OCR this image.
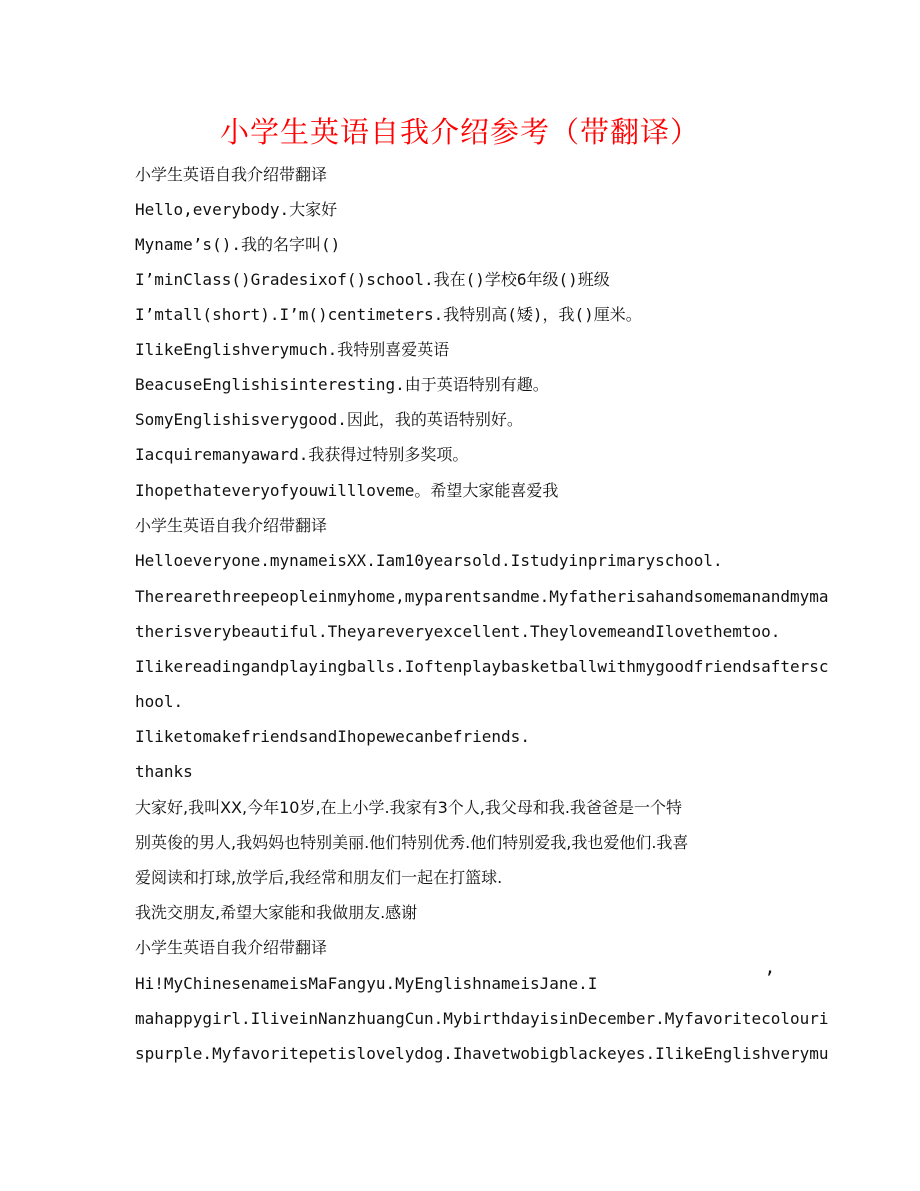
小学生英语自我介绍参考（带翻译）
小学生英语自我介绍带翻译
Hello,everybody.大家好
Myname’s().我的名字叫()
I’minClass()Gradesixof()school.我在()学校6年级()班级
I’mtall(short).I’m()centimeters.我特别高(矮)，我()厘米。
IlikeEnglishverymuch.我特别喜爱英语
BeacuseEnglishisinteresting.由于英语特别有趣。
SomyEnglishisverygood.因此，我的英语特别好。
Iacquiremanyaward.我获得过特别多奖项。
Ihopethateveryofyouwillloveme。希望大家能喜爱我
小学生英语自我介绍带翻译
Helloeveryone.mynameisXX.Iam10yearsold.Istudyinprimaryschool.
Therearethreepeopleinmyhome,myparentsandme.Myfatherisahandsomemanandmyma
therisverybeautiful.Theyareveryexcellent.TheylovemeandIlovethemtoo.
Ilikereadingandplayingballs.Ioftenplaybasketballwithmygoodfriendsaftersc
hool.
IliketomakefriendsandIhopewecanbefriends.
thanks
大家好,我叫XX,今年10岁,在上小学.我家有3个人,我父母和我.我爸爸是一个特
别英俊的男人,我妈妈也特别美丽.他们特别优秀.他们特别爱我,我也爱他们.我喜
爱阅读和打球,放学后,我经常和朋友们一起在打篮球.
我洗交朋友,希望大家能和我做朋友.感谢
小学生英语自我介绍带翻译
Hi!MyChinesenameisMaFangyu.MyEnglishnameisJane.I
mahappygirl.IliveinNanzhuangCun.MybirthdayisinDecember.Myfavoritecolouri
spurple.Myfavoritepetislovelydog.Ihavetwobigblackeyes.IlikeEnglishverymu
’
